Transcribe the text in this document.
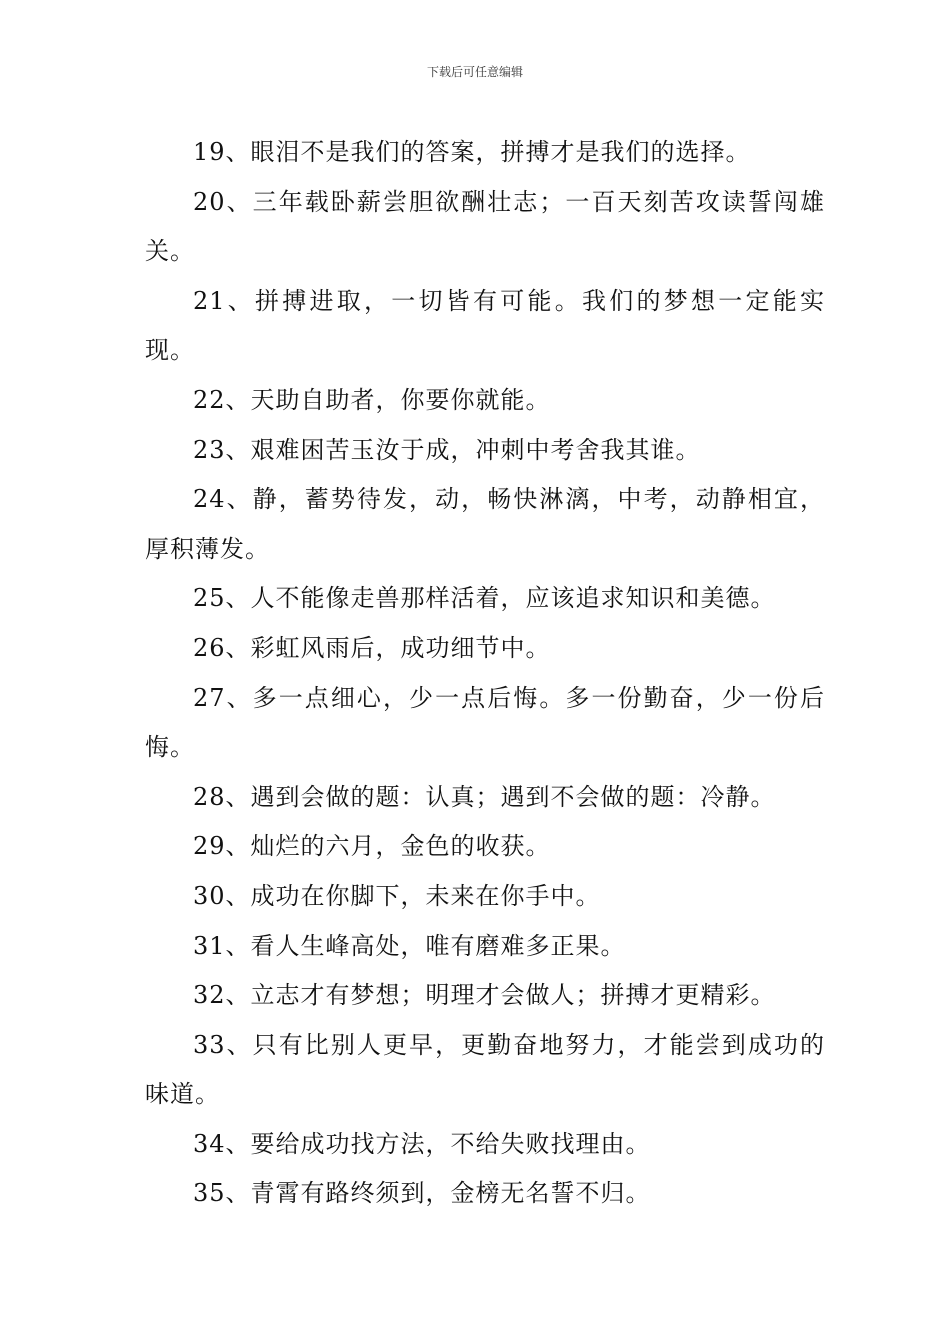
下载后可任意编辑

19、眼泪不是我们的答案，拼搏才是我们的选择。

20、三年载卧薪尝胆欲酬壮志；一百天刻苦攻读誓闯雄关。

21、拼搏进取，一切皆有可能。我们的梦想一定能实现。

22、天助自助者，你要你就能。

23、艰难困苦玉汝于成，冲刺中考舍我其谁。

24、静，蓄势待发，动，畅快淋漓，中考，动静相宜，厚积薄发。

25、人不能像走兽那样活着，应该追求知识和美德。

26、彩虹风雨后，成功细节中。

27、多一点细心，少一点后悔。多一份勤奋，少一份后悔。

28、遇到会做的题：认真；遇到不会做的题：冷静。

29、灿烂的六月，金色的收获。

30、成功在你脚下，未来在你手中。

31、看人生峰高处，唯有磨难多正果。

32、立志才有梦想；明理才会做人；拼搏才更精彩。

33、只有比别人更早，更勤奋地努力，才能尝到成功的味道。

34、要给成功找方法，不给失败找理由。

35、青霄有路终须到，金榜无名誓不归。
